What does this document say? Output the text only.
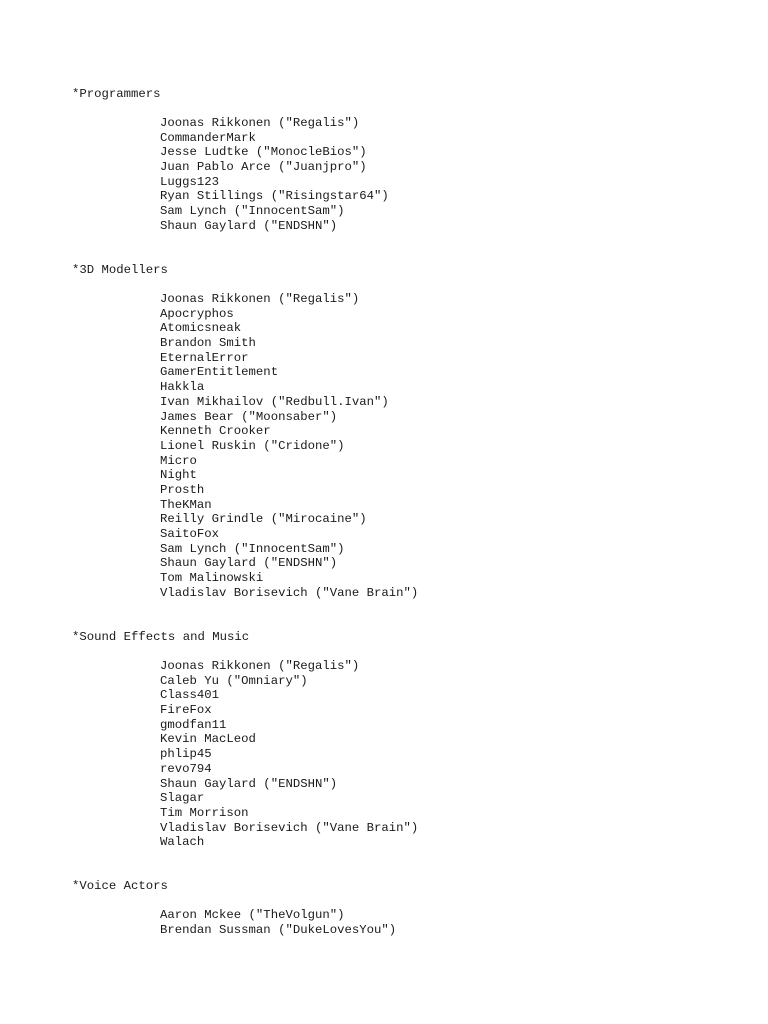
*Programmers
Joonas Rikkonen ("Regalis")
CommanderMark
Jesse Ludtke ("MonocleBios")
Juan Pablo Arce ("Juanjpro")
Luggs123
Ryan Stillings ("Risingstar64")
Sam Lynch ("InnocentSam")
Shaun Gaylard ("ENDSHN")
*3D Modellers
Joonas Rikkonen ("Regalis")
Apocryphos
Atomicsneak
Brandon Smith
EternalError
GamerEntitlement
Hakkla
Ivan Mikhailov ("Redbull.Ivan")
James Bear ("Moonsaber")
Kenneth Crooker
Lionel Ruskin ("Cridone")
Micro
Night
Prosth
TheKMan
Reilly Grindle ("Mirocaine")
SaitoFox
Sam Lynch ("InnocentSam")
Shaun Gaylard ("ENDSHN")
Tom Malinowski
Vladislav Borisevich ("Vane Brain")
*Sound Effects and Music
Joonas Rikkonen ("Regalis")
Caleb Yu ("Omniary")
Class401
FireFox
gmodfan11
Kevin MacLeod
phlip45
revo794
Shaun Gaylard ("ENDSHN")
Slagar
Tim Morrison
Vladislav Borisevich ("Vane Brain")
Walach
*Voice Actors
Aaron Mckee ("TheVolgun")
Brendan Sussman ("DukeLovesYou")
